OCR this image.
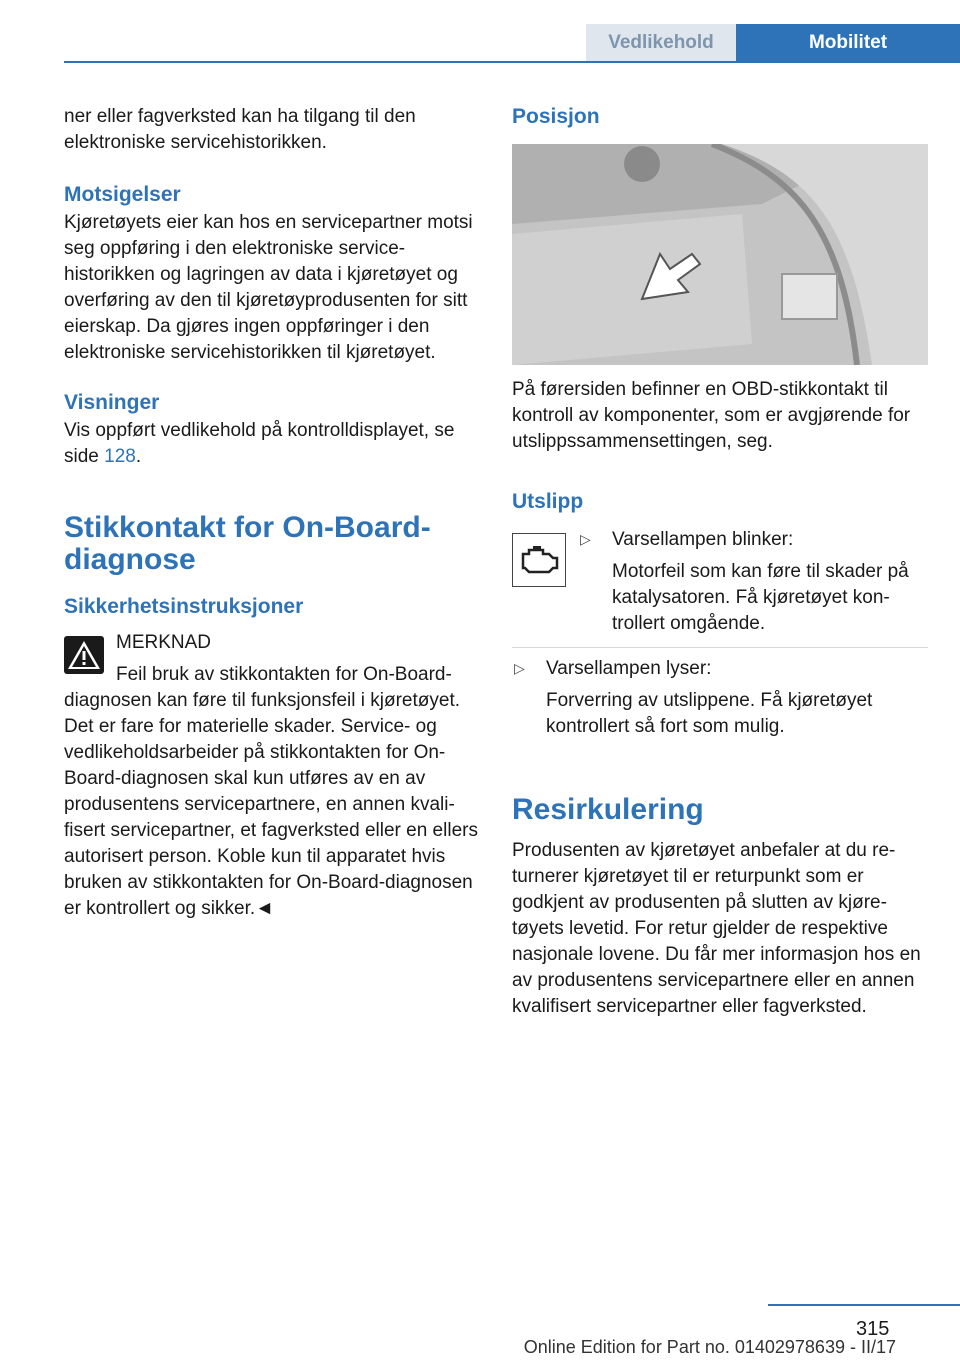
Vedlikehold	Mobilitet

ner eller fagverksted kan ha tilgang til den elektroniske servicehistorikken.

Motsigelser

Kjøretøyets eier kan hos en servicepartner motsi seg oppføring i den elektroniske servicehistorikken og lagringen av data i kjøretøyet og overføring av den til kjøretøyprodusenten for sitt eierskap. Da gjøres ingen oppføringer i den elektroniske servicehistorikken til kjøretøyet.

Visninger

Vis oppført vedlikehold på kontrolldisplayet, se side 128.

Stikkontakt for On-Board-diagnose

Sikkerhetsinstruksjoner

MERKNAD

Feil bruk av stikkontakten for On-Board-diagnosen kan føre til funksjonsfeil i kjøretøyet. Det er fare for materielle skader. Service- og vedlikeholdsarbeider på stikkontakten for On-Board-diagnosen skal kun utføres av en av produsentens servicepartnere, en annen kvalifisert servicepartner, et fagverksted eller en ellers autorisert person. Koble kun til apparatet hvis bruken av stikkontakten for On-Board-diagnosen er kontrollert og sikker.◄

Posisjon

På førersiden befinner en OBD-stikkontakt til kontroll av komponenter, som er avgjørende for utslippssammensettingen, seg.

Utslipp

▷ Varsellampen blinker:

Motorfeil som kan føre til skader på katalysatoren. Få kjøretøyet kontrollert omgående.

▷ Varsellampen lyser:

Forverring av utslippene. Få kjøretøyet kontrollert så fort som mulig.

Resirkulering

Produsenten av kjøretøyet anbefaler at du returnerer kjøretøyet til er returpunkt som er godkjent av produsenten på slutten av kjøretøyets levetid. For retur gjelder de respektive nasjonale lovene. Du får mer informasjon hos en av produsentens servicepartnere eller en annen kvalifisert servicepartner eller fagverksted.

315
Online Edition for Part no. 01402978639 - II/17
